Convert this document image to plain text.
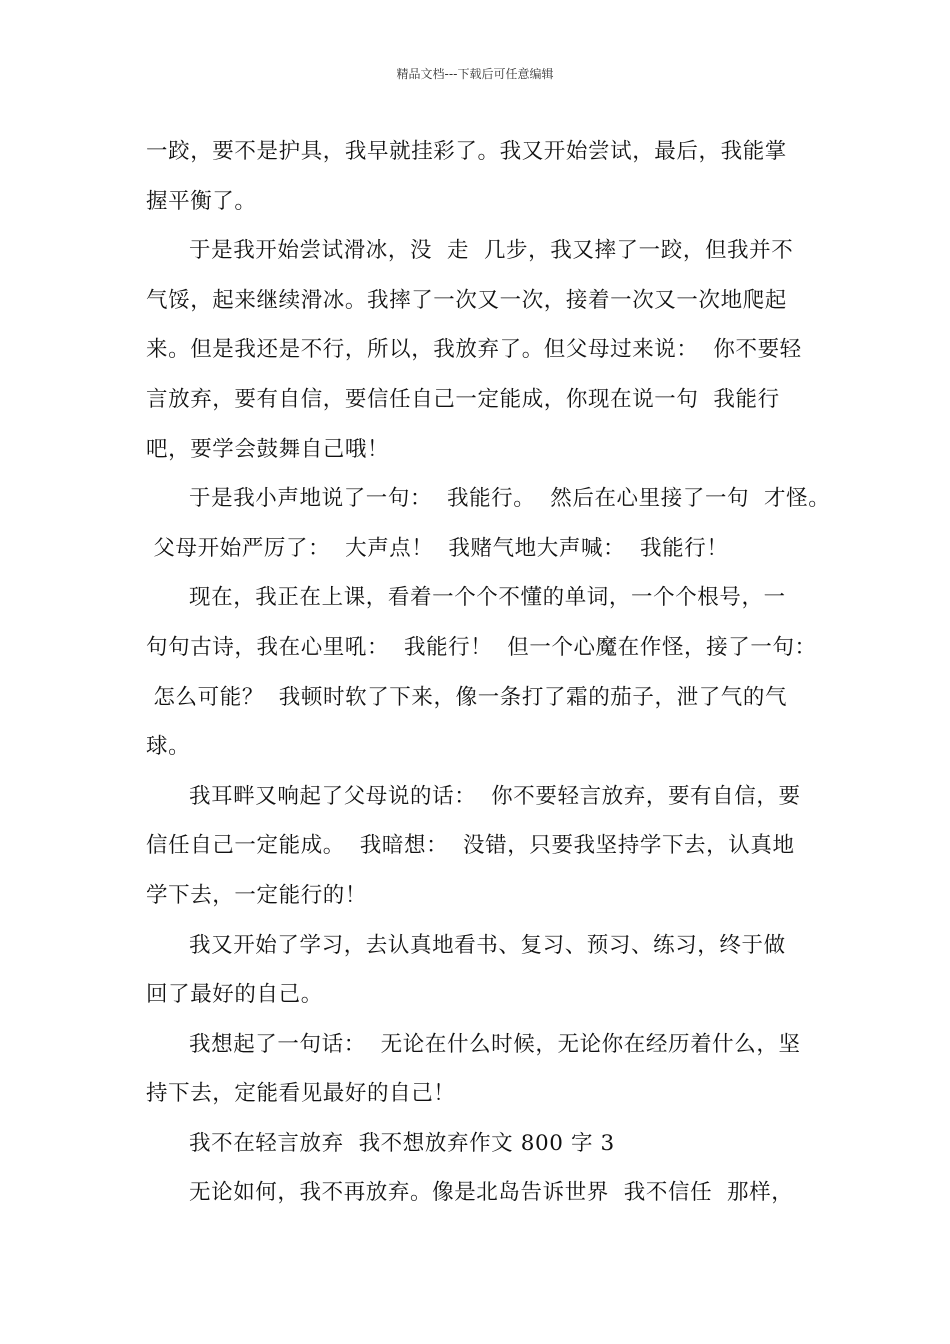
精品文档---下载后可任意编辑
一跤，要不是护具，我早就挂彩了。我又开始尝试，最后，我能掌
握平衡了。
于是我开始尝试滑冰，没  走  几步，我又摔了一跤，但我并不
气馁，起来继续滑冰。我摔了一次又一次，接着一次又一次地爬起
来。但是我还是不行，所以，我放弃了。但父母过来说：  你不要轻
言放弃，要有自信，要信任自己一定能成，你现在说一句  我能行
吧，要学会鼓舞自己哦！
于是我小声地说了一句：  我能行。  然后在心里接了一句  才怪。
父母开始严厉了：  大声点！  我赌气地大声喊：  我能行！
现在，我正在上课，看着一个个不懂的单词，一个个根号，一
句句古诗，我在心里吼：  我能行！  但一个心魔在作怪，接了一句：
怎么可能？  我顿时软了下来，像一条打了霜的茄子，泄了气的气
球。
我耳畔又响起了父母说的话：  你不要轻言放弃，要有自信，要
信任自己一定能成。  我暗想：  没错，只要我坚持学下去，认真地
学下去，一定能行的！
我又开始了学习，去认真地看书、复习、预习、练习，终于做
回了最好的自己。
我想起了一句话：  无论在什么时候，无论你在经历着什么，坚
持下去，定能看见最好的自己！
我不在轻言放弃  我不想放弃作文 800 字 3
无论如何，我不再放弃。像是北岛告诉世界  我不信任  那样，
